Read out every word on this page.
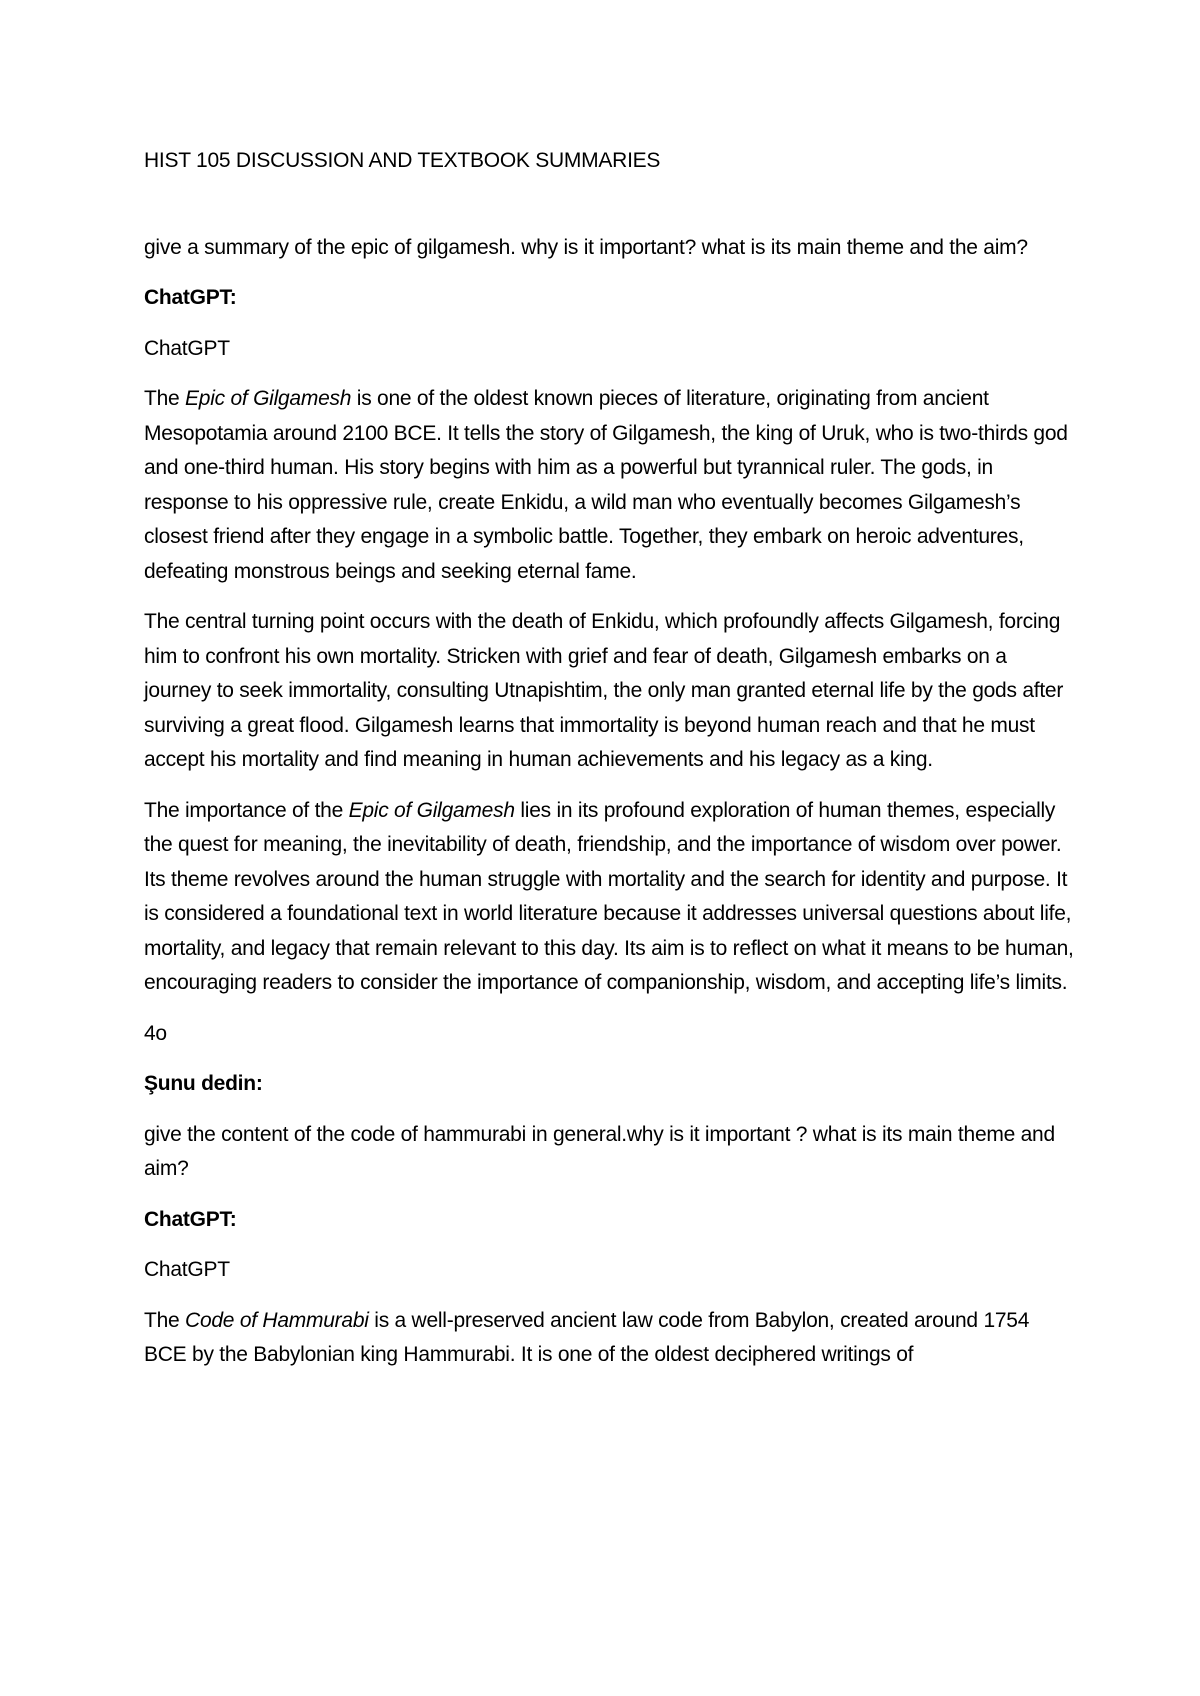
HIST 105 DISCUSSION AND TEXTBOOK SUMMARIES

give a summary of the epic of gilgamesh. why is it important? what is its main theme and the aim?

ChatGPT:

ChatGPT

The Epic of Gilgamesh is one of the oldest known pieces of literature, originating from ancient Mesopotamia around 2100 BCE. It tells the story of Gilgamesh, the king of Uruk, who is two-thirds god and one-third human. His story begins with him as a powerful but tyrannical ruler. The gods, in response to his oppressive rule, create Enkidu, a wild man who eventually becomes Gilgamesh’s closest friend after they engage in a symbolic battle. Together, they embark on heroic adventures, defeating monstrous beings and seeking eternal fame.

The central turning point occurs with the death of Enkidu, which profoundly affects Gilgamesh, forcing him to confront his own mortality. Stricken with grief and fear of death, Gilgamesh embarks on a journey to seek immortality, consulting Utnapishtim, the only man granted eternal life by the gods after surviving a great flood. Gilgamesh learns that immortality is beyond human reach and that he must accept his mortality and find meaning in human achievements and his legacy as a king.

The importance of the Epic of Gilgamesh lies in its profound exploration of human themes, especially the quest for meaning, the inevitability of death, friendship, and the importance of wisdom over power. Its theme revolves around the human struggle with mortality and the search for identity and purpose. It is considered a foundational text in world literature because it addresses universal questions about life, mortality, and legacy that remain relevant to this day. Its aim is to reflect on what it means to be human, encouraging readers to consider the importance of companionship, wisdom, and accepting life’s limits.

4o

Şunu dedin:

give the content of the code of hammurabi in general.why is it important ? what is its main theme and aim?

ChatGPT:

ChatGPT

The Code of Hammurabi is a well-preserved ancient law code from Babylon, created around 1754 BCE by the Babylonian king Hammurabi. It is one of the oldest deciphered writings of
